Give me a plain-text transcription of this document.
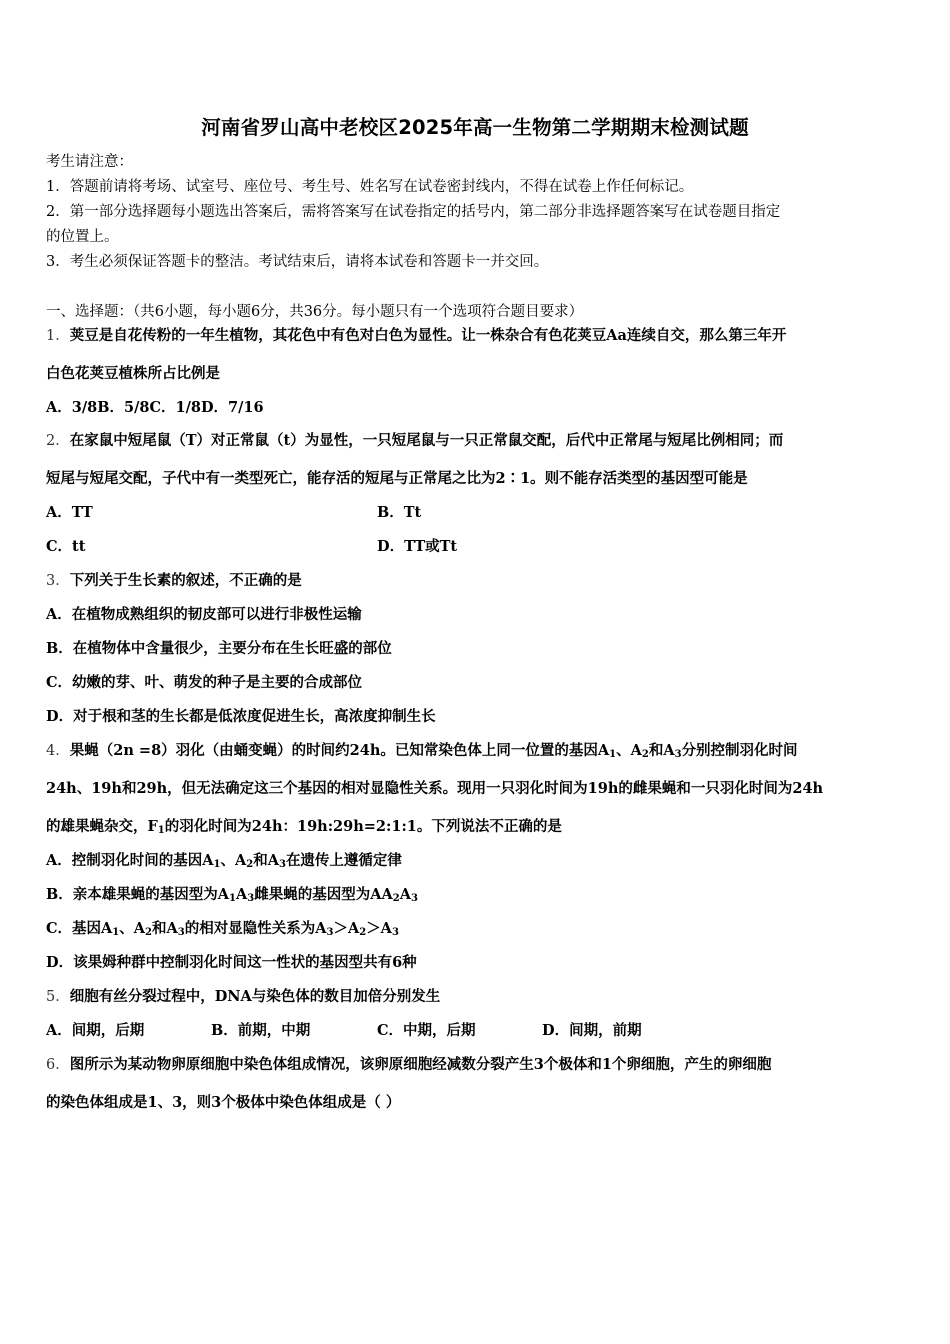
河南省罗山高中老校区2025年高一生物第二学期期末检测试题
考生请注意：
1．答题前请将考场、试室号、座位号、考生号、姓名写在试卷密封线内，不得在试卷上作任何标记。
2．第一部分选择题每小题选出答案后，需将答案写在试卷指定的括号内，第二部分非选择题答案写在试卷题目指定
的位置上。
3．考生必须保证答题卡的整洁。考试结束后，请将本试卷和答题卡一并交回。
一、选择题：（共6小题，每小题6分，共36分。每小题只有一个选项符合题目要求）
1．荚豆是自花传粉的一年生植物，其花色中有色对白色为显性。让一株杂合有色花荚豆Aa连续自交，那么第三年开
白色花荚豆植株所占比例是
A．3/8B．5/8C．1/8D．7/16
2．在家鼠中短尾鼠（T）对正常鼠（t）为显性，一只短尾鼠与一只正常鼠交配，后代中正常尾与短尾比例相同；而
短尾与短尾交配，子代中有一类型死亡，能存活的短尾与正常尾之比为2∶1。则不能存活类型的基因型可能是
A．TT	B．Tt
C．tt	D．TT或Tt
3．下列关于生长素的叙述，不正确的是
A．在植物成熟组织的韧皮部可以进行非极性运输
B．在植物体中含量很少，主要分布在生长旺盛的部位
C．幼嫩的芽、叶、萌发的种子是主要的合成部位
D．对于根和茎的生长都是低浓度促进生长，高浓度抑制生长
4．果蝇（2n =8）羽化（由蛹变蝇）的时间约24h。已知常染色体上同一位置的基因$A_1$、$A_2$和$A_3$分别控制羽化时间
24h、19h和29h，但无法确定这三个基因的相对显隐性关系。现用一只羽化时间为19h的雌果蝇和一只羽化时间为24h
的雄果蝇杂交，$F_1$的羽化时间为24h：19h:29h=2:1:1。下列说法不正确的是
A．控制羽化时间的基因$A_1$、$A_2$和$A_3$在遗传上遵循定律
B．亲本雄果蝇的基因型为$A_1A_3$雌果蝇的基因型为$AA_2A_3$
C．基因$A_1$、$A_2$和$A_3$的相对显隐性关系为$A_3>A_2>A_3$
D．该果姆种群中控制羽化时间这一性状的基因型共有6种
5．细胞有丝分裂过程中，DNA与染色体的数目加倍分别发生
A．间期，后期	B．前期，中期	C．中期，后期	D．间期，前期
6．图所示为某动物卵原细胞中染色体组成情况，该卵原细胞经减数分裂产生3个极体和1个卵细胞，产生的卵细胞
的染色体组成是1、3，则3个极体中染色体组成是（ ）
